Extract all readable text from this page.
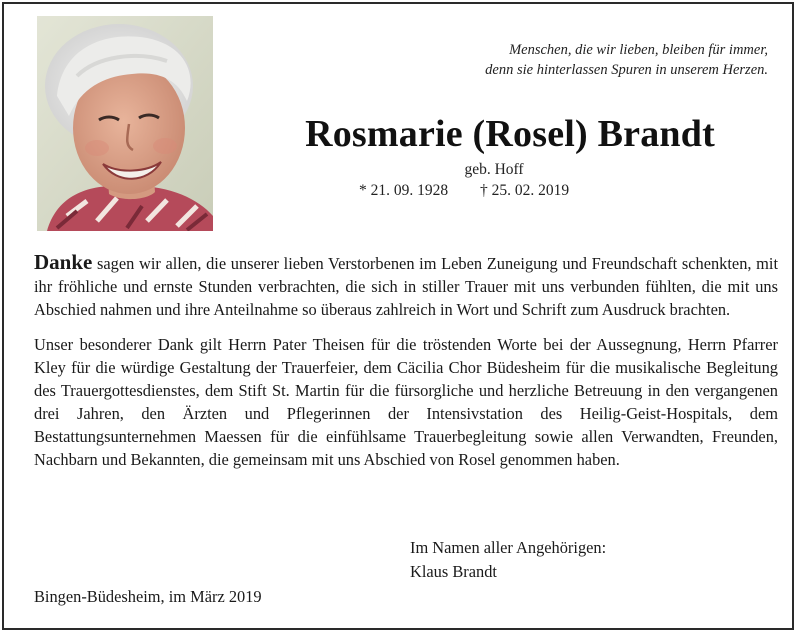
Menschen, die wir lieben, bleiben für immer,
denn sie hinterlassen Spuren in unserem Herzen.
Rosmarie (Rosel) Brandt
geb. Hoff
* 21. 09. 1928 † 25. 02. 2019

Danke sagen wir allen, die unserer lieben Verstorbenen im Leben Zuneigung und Freundschaft schenkten, mit ihr fröhliche und ernste Stunden verbrachten, die sich in stiller Trauer mit uns verbunden fühlten, die mit uns Abschied nahmen und ihre Anteilnahme so überaus zahlreich in Wort und Schrift zum Ausdruck brachten.

Unser besonderer Dank gilt Herrn Pater Theisen für die tröstenden Worte bei der Aussegnung, Herrn Pfarrer Kley für die würdige Gestaltung der Trauerfeier, dem Cäcilia Chor Büdesheim für die musikalische Begleitung des Trauergottesdienstes, dem Stift St. Martin für die fürsorgliche und herzliche Betreuung in den vergangenen drei Jahren, den Ärzten und Pflegerinnen der Intensivstation des Heilig-Geist-Hospitals, dem Bestattungsunternehmen Maessen für die einfühlsame Trauerbegleitung sowie allen Verwandten, Freunden, Nachbarn und Bekannten, die gemeinsam mit uns Abschied von Rosel genommen haben.

Im Namen aller Angehörigen:
Klaus Brandt
Bingen-Büdesheim, im März 2019
